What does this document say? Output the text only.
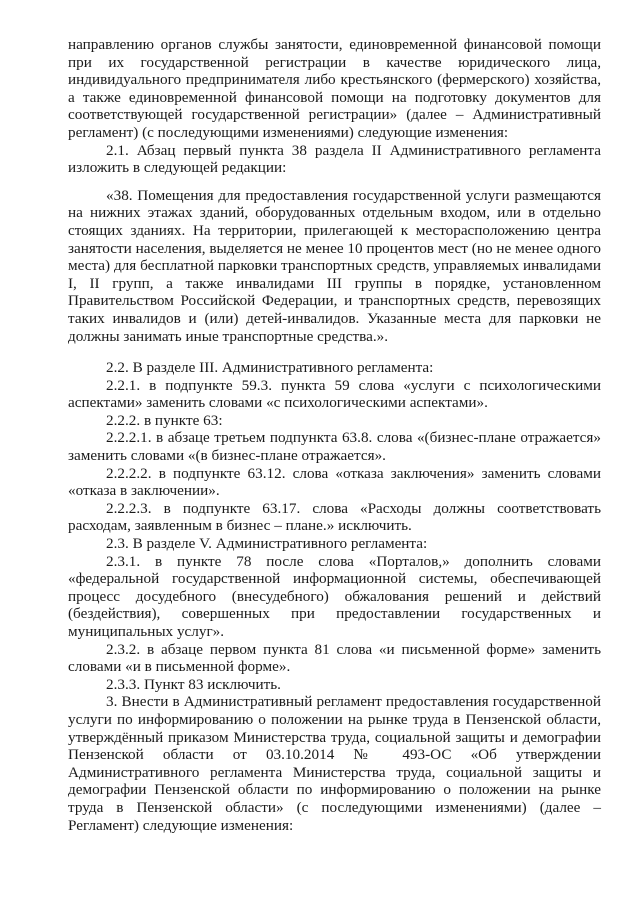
направлению органов службы занятости, единовременной финансовой помощи при их государственной регистрации в качестве юридического лица, индивидуального предпринимателя либо крестьянского (фермерского) хозяйства, а также единовременной финансовой помощи на подготовку документов для соответствующей государственной регистрации» (далее – Административный регламент) (с последующими изменениями) следующие изменения:

2.1. Абзац первый пункта 38 раздела II Административного регламента изложить в следующей редакции:

«38. Помещения для предоставления государственной услуги размещаются на нижних этажах зданий, оборудованных отдельным входом, или в отдельно стоящих зданиях. На территории, прилегающей к месторасположению центра занятости населения, выделяется не менее 10 процентов мест (но не менее одного места) для бесплатной парковки транспортных средств, управляемых инвалидами I, II групп, а также инвалидами III группы в порядке, установленном Правительством Российской Федерации, и транспортных средств, перевозящих таких инвалидов и (или) детей-инвалидов. Указанные места для парковки не должны занимать иные транспортные средства.».

2.2. В разделе III. Административного регламента:

2.2.1. в подпункте 59.3. пункта 59 слова «услуги с психологическими аспектами» заменить словами «с психологическими аспектами».

2.2.2. в пункте 63:

2.2.2.1. в абзаце третьем подпункта 63.8. слова «(бизнес-плане отражается» заменить словами «(в бизнес-плане отражается».

2.2.2.2. в подпункте 63.12. слова «отказа заключения» заменить словами «отказа в заключении».

2.2.2.3. в подпункте 63.17. слова «Расходы должны соответствовать расходам, заявленным в бизнес – плане.» исключить.

2.3. В разделе V. Административного регламента:

2.3.1. в пункте 78 после слова «Порталов,» дополнить словами «федеральной государственной информационной системы, обеспечивающей процесс досудебного (внесудебного) обжалования решений и действий (бездействия), совершенных при предоставлении государственных и муниципальных услуг».

2.3.2. в абзаце первом пункта 81 слова «и письменной форме» заменить словами «и в письменной форме».

2.3.3. Пункт 83 исключить.

3. Внести в Административный регламент предоставления государственной услуги по информированию о положении на рынке труда в Пензенской области, утверждённый приказом Министерства труда, социальной защиты и демографии Пензенской области от 03.10.2014 № 493-ОС «Об утверждении Административного регламента Министерства труда, социальной защиты и демографии Пензенской области по информированию о положении на рынке труда в Пензенской области» (с последующими изменениями) (далее – Регламент) следующие изменения:
